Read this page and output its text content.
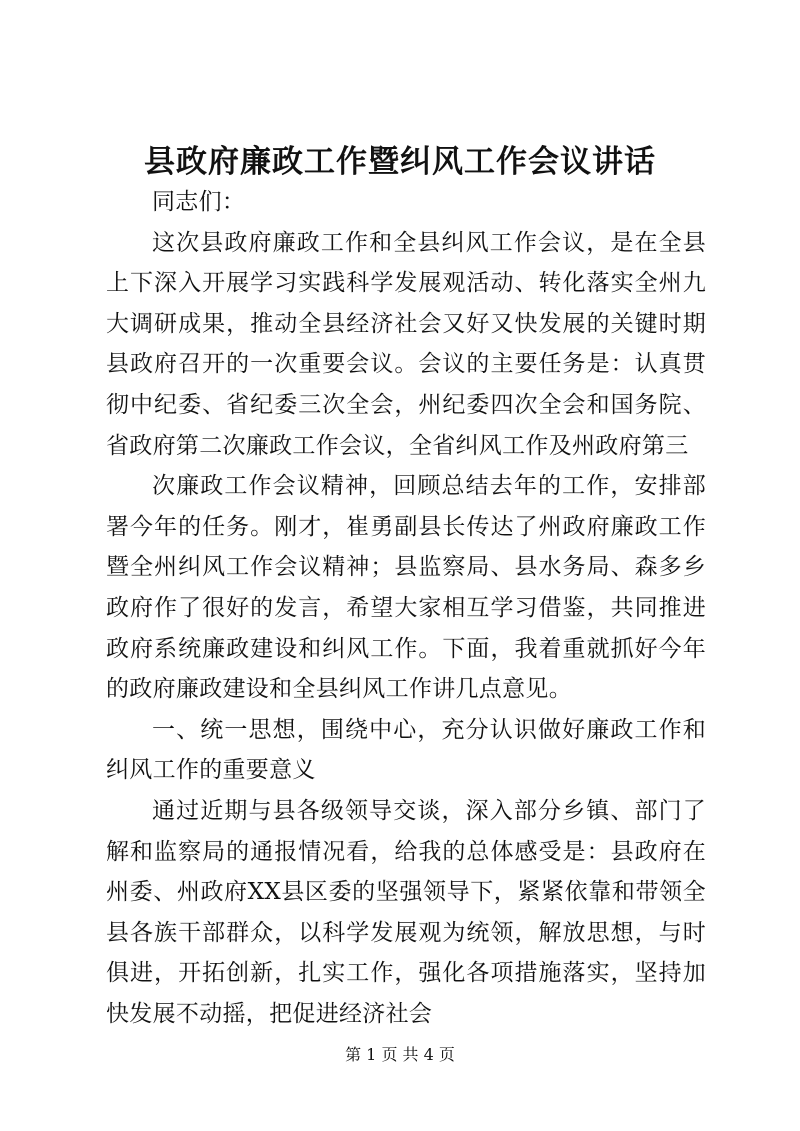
县政府廉政工作暨纠风工作会议讲话

同志们：

这次县政府廉政工作和全县纠风工作会议，是在全县上下深入开展学习实践科学发展观活动、转化落实全州九大调研成果，推动全县经济社会又好又快发展的关键时期县政府召开的一次重要会议。会议的主要任务是：认真贯彻中纪委、省纪委三次全会，州纪委四次全会和国务院、省政府第二次廉政工作会议，全省纠风工作及州政府第三

次廉政工作会议精神，回顾总结去年的工作，安排部署今年的任务。刚才，崔勇副县长传达了州政府廉政工作暨全州纠风工作会议精神；县监察局、县水务局、森多乡政府作了很好的发言，希望大家相互学习借鉴，共同推进政府系统廉政建设和纠风工作。下面，我着重就抓好今年的政府廉政建设和全县纠风工作讲几点意见。

一、统一思想，围绕中心，充分认识做好廉政工作和纠风工作的重要意义

通过近期与县各级领导交谈，深入部分乡镇、部门了解和监察局的通报情况看，给我的总体感受是：县政府在州委、州政府XX县区委的坚强领导下，紧紧依靠和带领全县各族干部群众，以科学发展观为统领，解放思想，与时俱进，开拓创新，扎实工作，强化各项措施落实，坚持加快发展不动摇，把促进经济社会

第 1 页 共 4 页
